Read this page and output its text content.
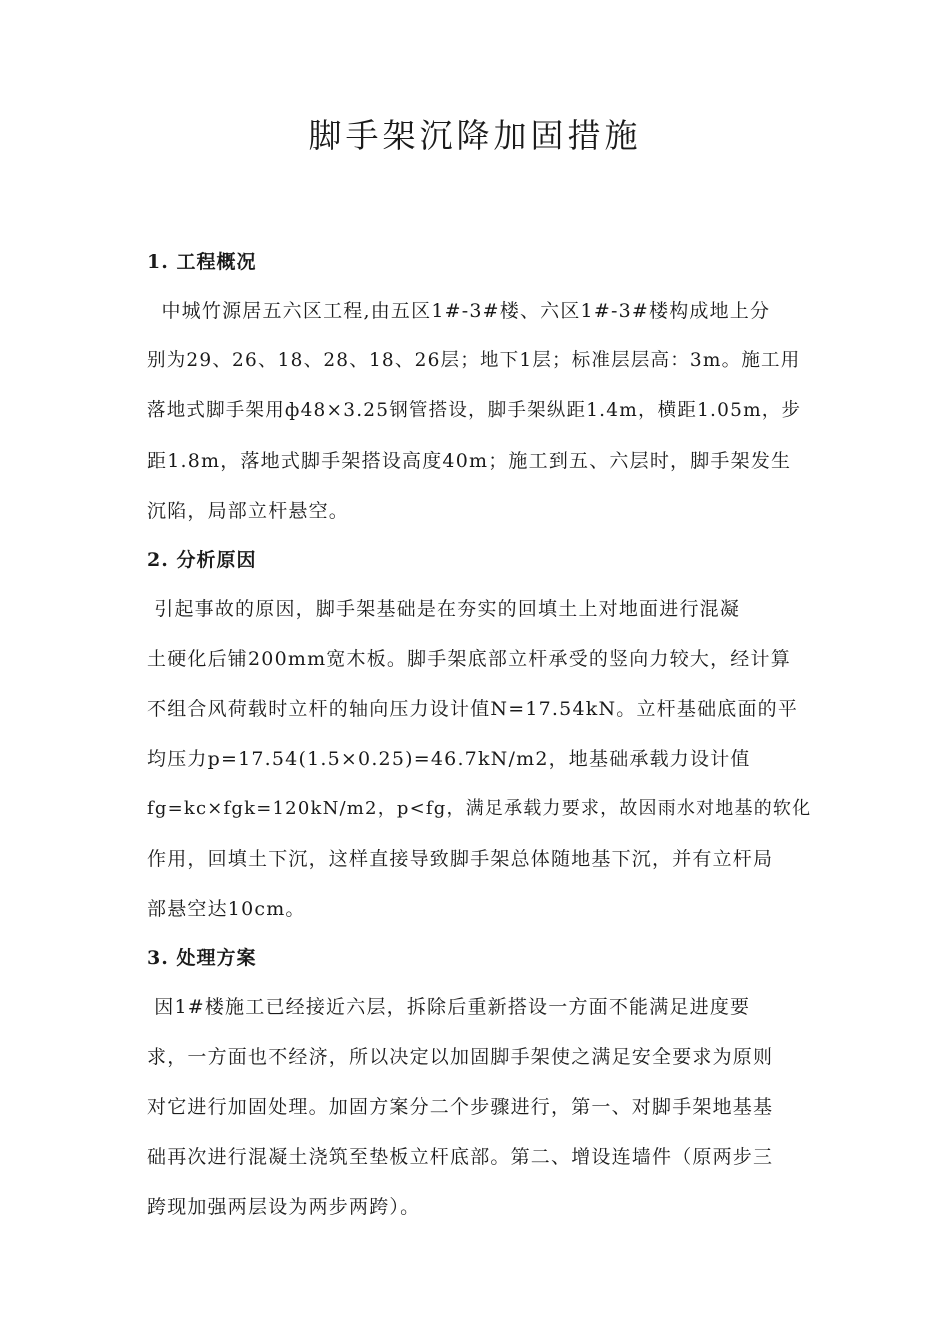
脚手架沉降加固措施
1. 工程概况

中城竹源居五六区工程,由五区1#-3#楼、六区1#-3#楼构成地上分
别为29、26、18、28、18、26层；地下1层；标准层层高：3m。施工用
落地式脚手架用ф48×3.25钢管搭设，脚手架纵距1.4m，横距1.05m，步
距1.8m，落地式脚手架搭设高度40m；施工到五、六层时，脚手架发生
沉陷，局部立杆悬空。

2. 分析原因

引起事故的原因，脚手架基础是在夯实的回填土上对地面进行混凝
土硬化后铺200mm宽木板。脚手架底部立杆承受的竖向力较大，经计算
不组合风荷载时立杆的轴向压力设计值N=17.54kN。立杆基础底面的平
均压力p=17.54(1.5×0.25)=46.7kN/m2，地基础承载力设计值
fg=kc×fgk=120kN/m2，p<fg，满足承载力要求，故因雨水对地基的软化
作用，回填土下沉，这样直接导致脚手架总体随地基下沉，并有立杆局
部悬空达10cm。

3. 处理方案

因1#楼施工已经接近六层，拆除后重新搭设一方面不能满足进度要
求，一方面也不经济，所以决定以加固脚手架使之满足安全要求为原则
对它进行加固处理。加固方案分二个步骤进行，第一、对脚手架地基基
础再次进行混凝土浇筑至垫板立杆底部。第二、增设连墙件（原两步三
跨现加强两层设为两步两跨）。
